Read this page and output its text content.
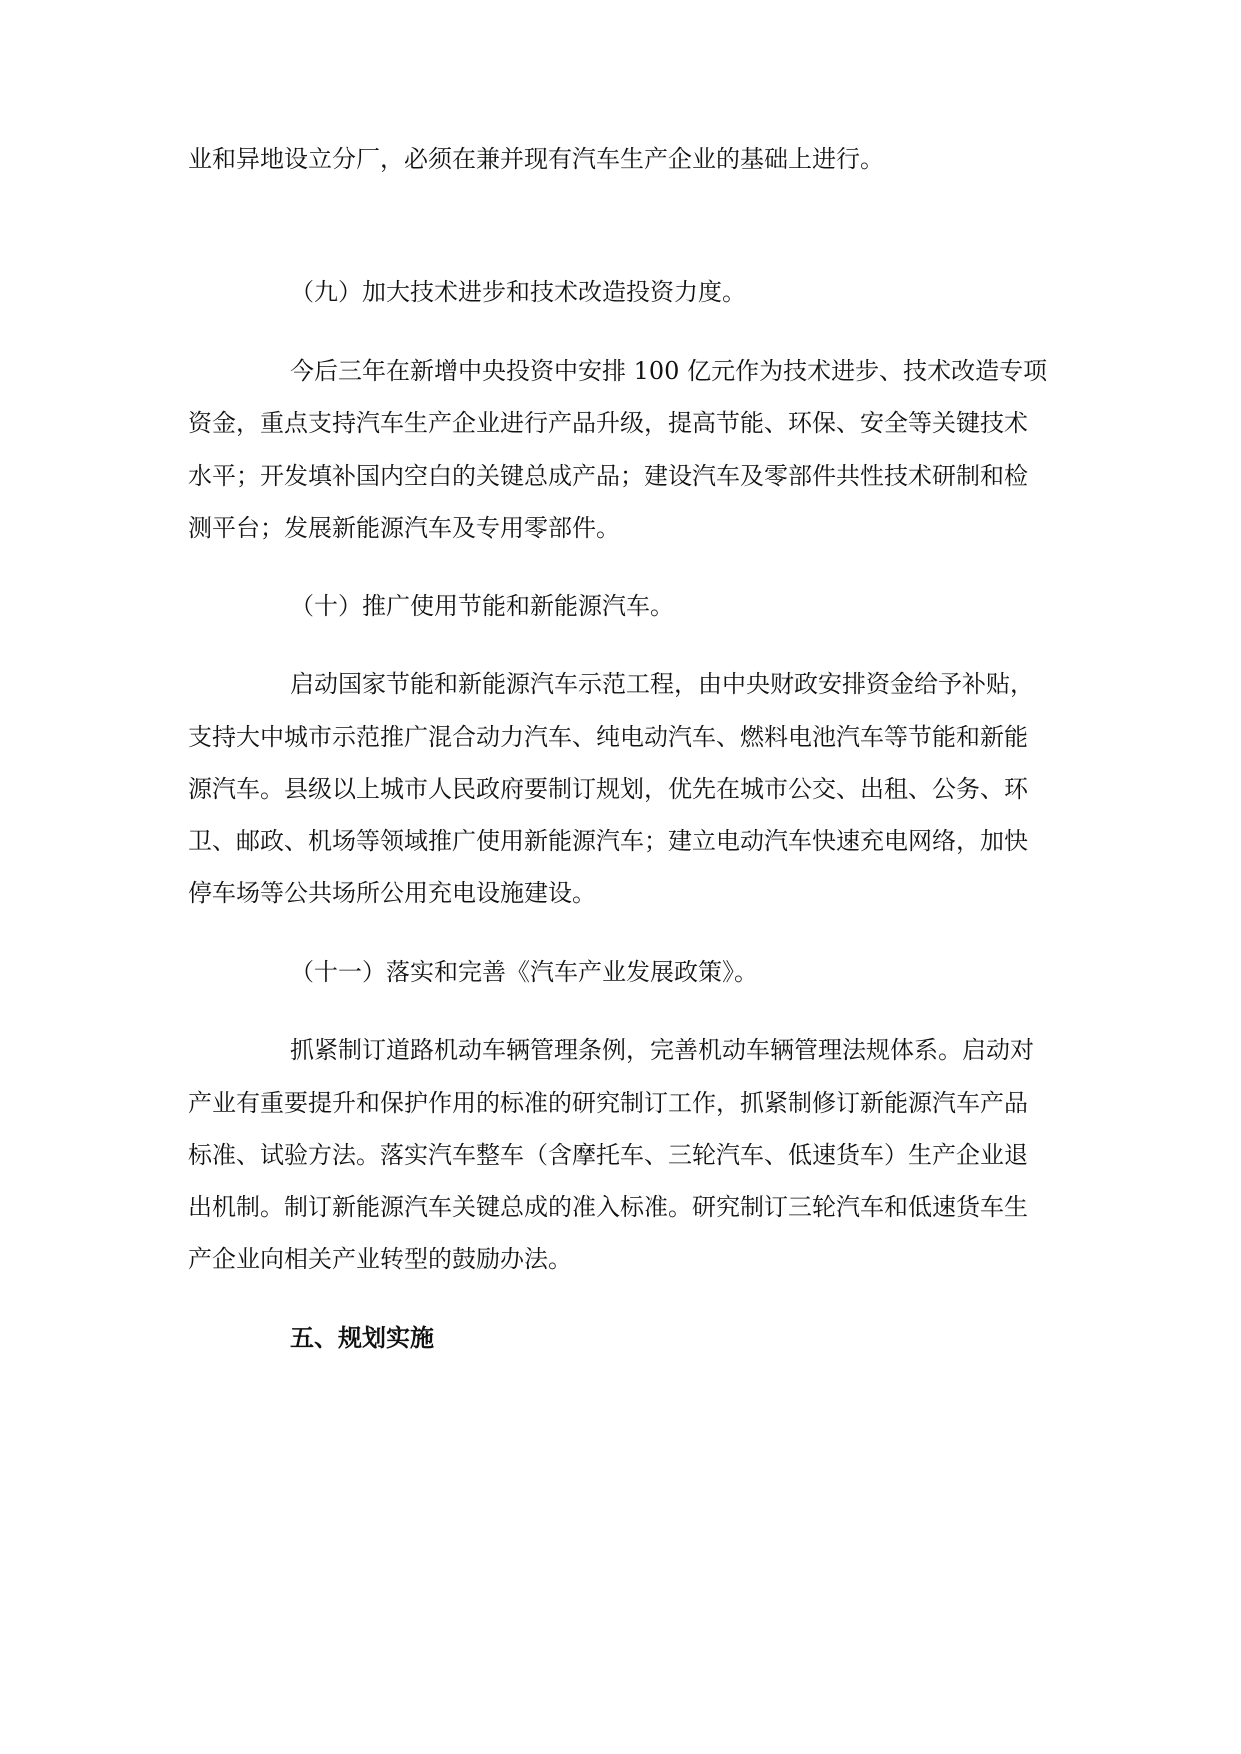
业和异地设立分厂，必须在兼并现有汽车生产企业的基础上进行。
（九）加大技术进步和技术改造投资力度。
今后三年在新增中央投资中安排 100 亿元作为技术进步、技术改造专项
资金，重点支持汽车生产企业进行产品升级，提高节能、环保、安全等关键技术
水平；开发填补国内空白的关键总成产品；建设汽车及零部件共性技术研制和检
测平台；发展新能源汽车及专用零部件。
（十）推广使用节能和新能源汽车。
启动国家节能和新能源汽车示范工程，由中央财政安排资金给予补贴，
支持大中城市示范推广混合动力汽车、纯电动汽车、燃料电池汽车等节能和新能
源汽车。县级以上城市人民政府要制订规划，优先在城市公交、出租、公务、环
卫、邮政、机场等领域推广使用新能源汽车；建立电动汽车快速充电网络，加快
停车场等公共场所公用充电设施建设。
（十一）落实和完善《汽车产业发展政策》。
抓紧制订道路机动车辆管理条例，完善机动车辆管理法规体系。启动对
产业有重要提升和保护作用的标准的研究制订工作，抓紧制修订新能源汽车产品
标准、试验方法。落实汽车整车（含摩托车、三轮汽车、低速货车）生产企业退
出机制。制订新能源汽车关键总成的准入标准。研究制订三轮汽车和低速货车生
产企业向相关产业转型的鼓励办法。
五、规划实施
